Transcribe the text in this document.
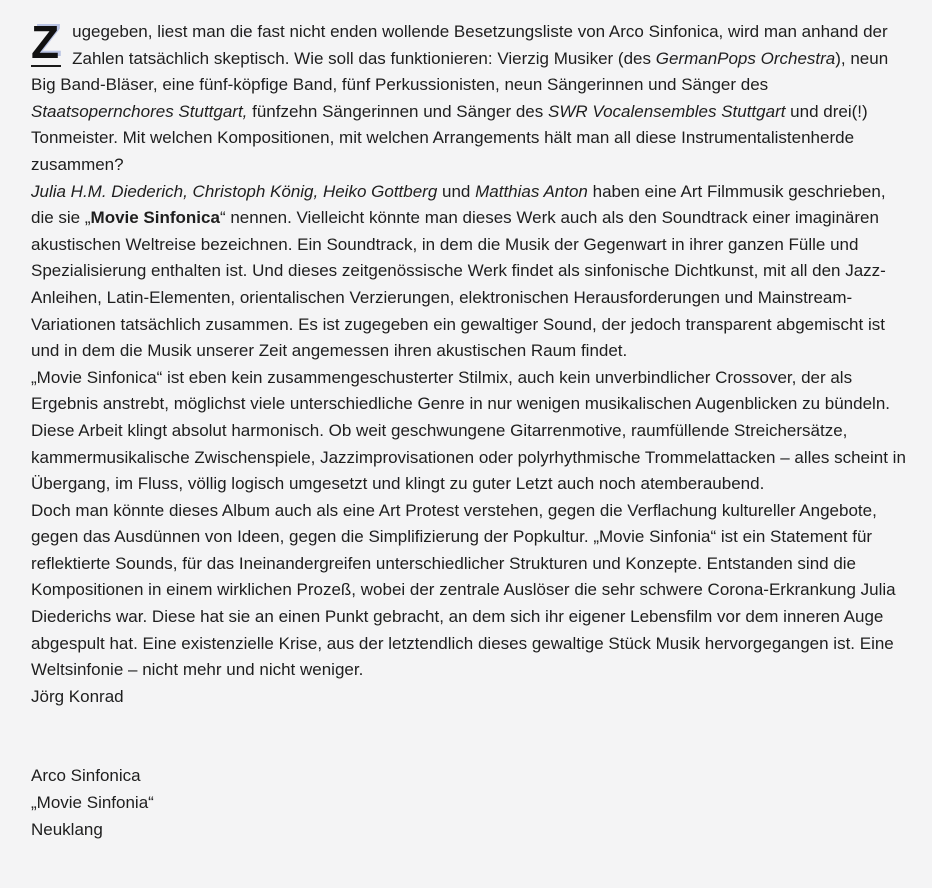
Z ugegeben, liest man die fast nicht enden wollende Besetzungsliste von Arco Sinfonica, wird man anhand der Zahlen tatsächlich skeptisch. Wie soll das funktionieren: Vierzig Musiker (des GermanPops Orchestra), neun Big Band-Bläser, eine fünf-köpfige Band, fünf Perkussionisten, neun Sängerinnen und Sänger des Staatsopernchores Stuttgart, fünfzehn Sängerinnen und Sänger des SWR Vocalensembles Stuttgart und drei(!) Tonmeister. Mit welchen Kompositionen, mit welchen Arrangements hält man all diese Instrumentalistenherde zusammen?

Julia H.M. Diederich, Christoph König, Heiko Gottberg und Matthias Anton haben eine Art Filmmusik geschrieben, die sie „Movie Sinfonica“ nennen. Vielleicht könnte man dieses Werk auch als den Soundtrack einer imaginären akustischen Weltreise bezeichnen. Ein Soundtrack, in dem die Musik der Gegenwart in ihrer ganzen Fülle und Spezialisierung enthalten ist. Und dieses zeitgenössische Werk findet als sinfonische Dichtkunst, mit all den Jazz-Anleihen, Latin-Elementen, orientalischen Verzierungen, elektronischen Herausforderungen und Mainstream-Variationen tatsächlich zusammen. Es ist zugegeben ein gewaltiger Sound, der jedoch transparent abgemischt ist und in dem die Musik unserer Zeit angemessen ihren akustischen Raum findet.

„Movie Sinfonica“ ist eben kein zusammengeschusterter Stilmix, auch kein unverbindlicher Crossover, der als Ergebnis anstrebt, möglichst viele unterschiedliche Genre in nur wenigen musikalischen Augenblicken zu bündeln. Diese Arbeit klingt absolut harmonisch. Ob weit geschwungene Gitarrenmotive, raumfüllende Streichersätze, kammermusikalische Zwischenspiele, Jazzimprovisationen oder polyrhythmische Trommelattacken – alles scheint in Übergang, im Fluss, völlig logisch umgesetzt und klingt zu guter Letzt auch noch atemberaubend.

Doch man könnte dieses Album auch als eine Art Protest verstehen, gegen die Verflachung kultureller Angebote, gegen das Ausdünnen von Ideen, gegen die Simplifizierung der Popkultur. „Movie Sinfonia“ ist ein Statement für reflektierte Sounds, für das Ineinandergreifen unterschiedlicher Strukturen und Konzepte. Entstanden sind die Kompositionen in einem wirklichen Prozeß, wobei der zentrale Auslöser die sehr schwere Corona-Erkrankung Julia Diederichs war. Diese hat sie an einen Punkt gebracht, an dem sich ihr eigener Lebensfilm vor dem inneren Auge abgespult hat. Eine existenzielle Krise, aus der letztendlich dieses gewaltige Stück Musik hervorgegangen ist. Eine Weltsinfonie – nicht mehr und nicht weniger.

Jörg Konrad

Arco Sinfonica

„Movie Sinfonia“

Neuklang
